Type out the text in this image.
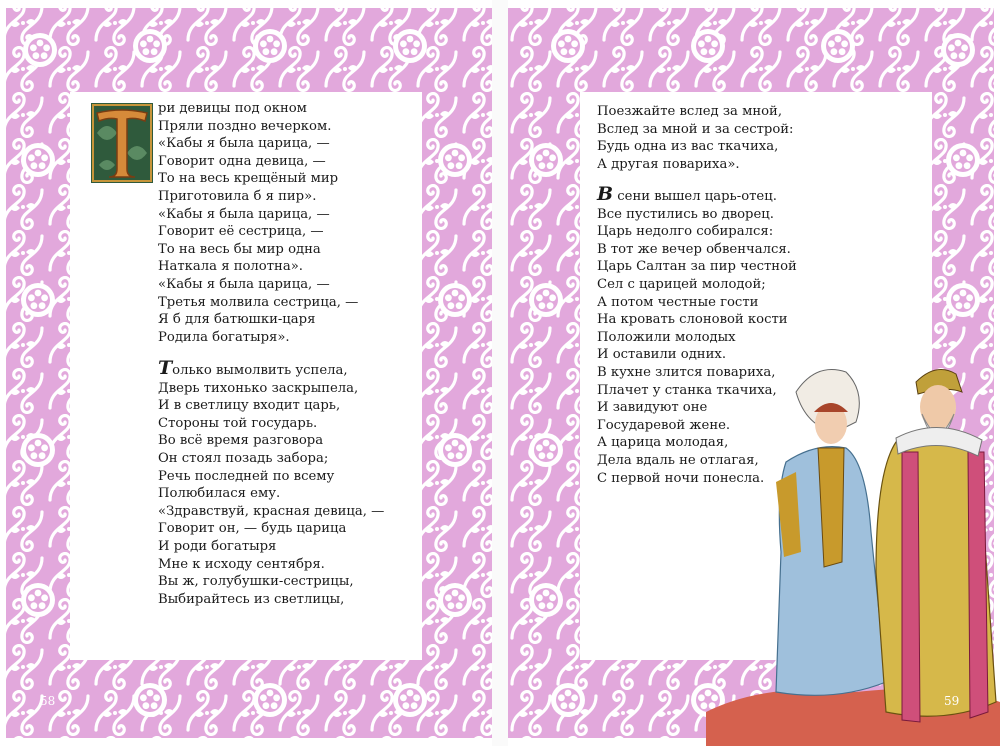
Т	ри девицы под окном
Пряли поздно вечерком.
«Кабы я была царица, —
Говорит одна девица, —
То на весь крещёный мир
Приготовила б я пир».
«Кабы я была царица, —
Говорит её сестрица, —
То на весь бы мир одна
Наткала я полотна».
«Кабы я была царица, —
Третья молвила сестрица, —
Я б для батюшки-царя
Родила богатыря».
Только вымолвить успела,
Дверь тихонько заскрыпела,
И в светлицу входит царь,
Стороны той государь.
Во всё время разговора
Он стоял позадь забора;
Речь последней по всему
Полюбилася ему.
«Здравствуй, красная девица, —
Говорит он, — будь царица
И роди богатыря
Мне к исходу сентября.
Вы ж, голубушки-сестрицы,
Выбирайтесь из светлицы,
58
Поезжайте вслед за мной,
Вслед за мной и за сестрой:
Будь одна из вас ткачиха,
А другая повариха».
В сени вышел царь-отец.
Все пустились во дворец.
Царь недолго собирался:
В тот же вечер обвенчался.
Царь Салтан за пир честной
Сел с царицей молодой;
А потом честные гости
На кровать слоновой кости
Положили молодых
И оставили одних.
В кухне злится повариха,
Плачет у станка ткачиха,
И завидуют оне
Государевой жене.
А царица молодая,
Дела вдаль не отлагая,
С первой ночи понесла.
59
